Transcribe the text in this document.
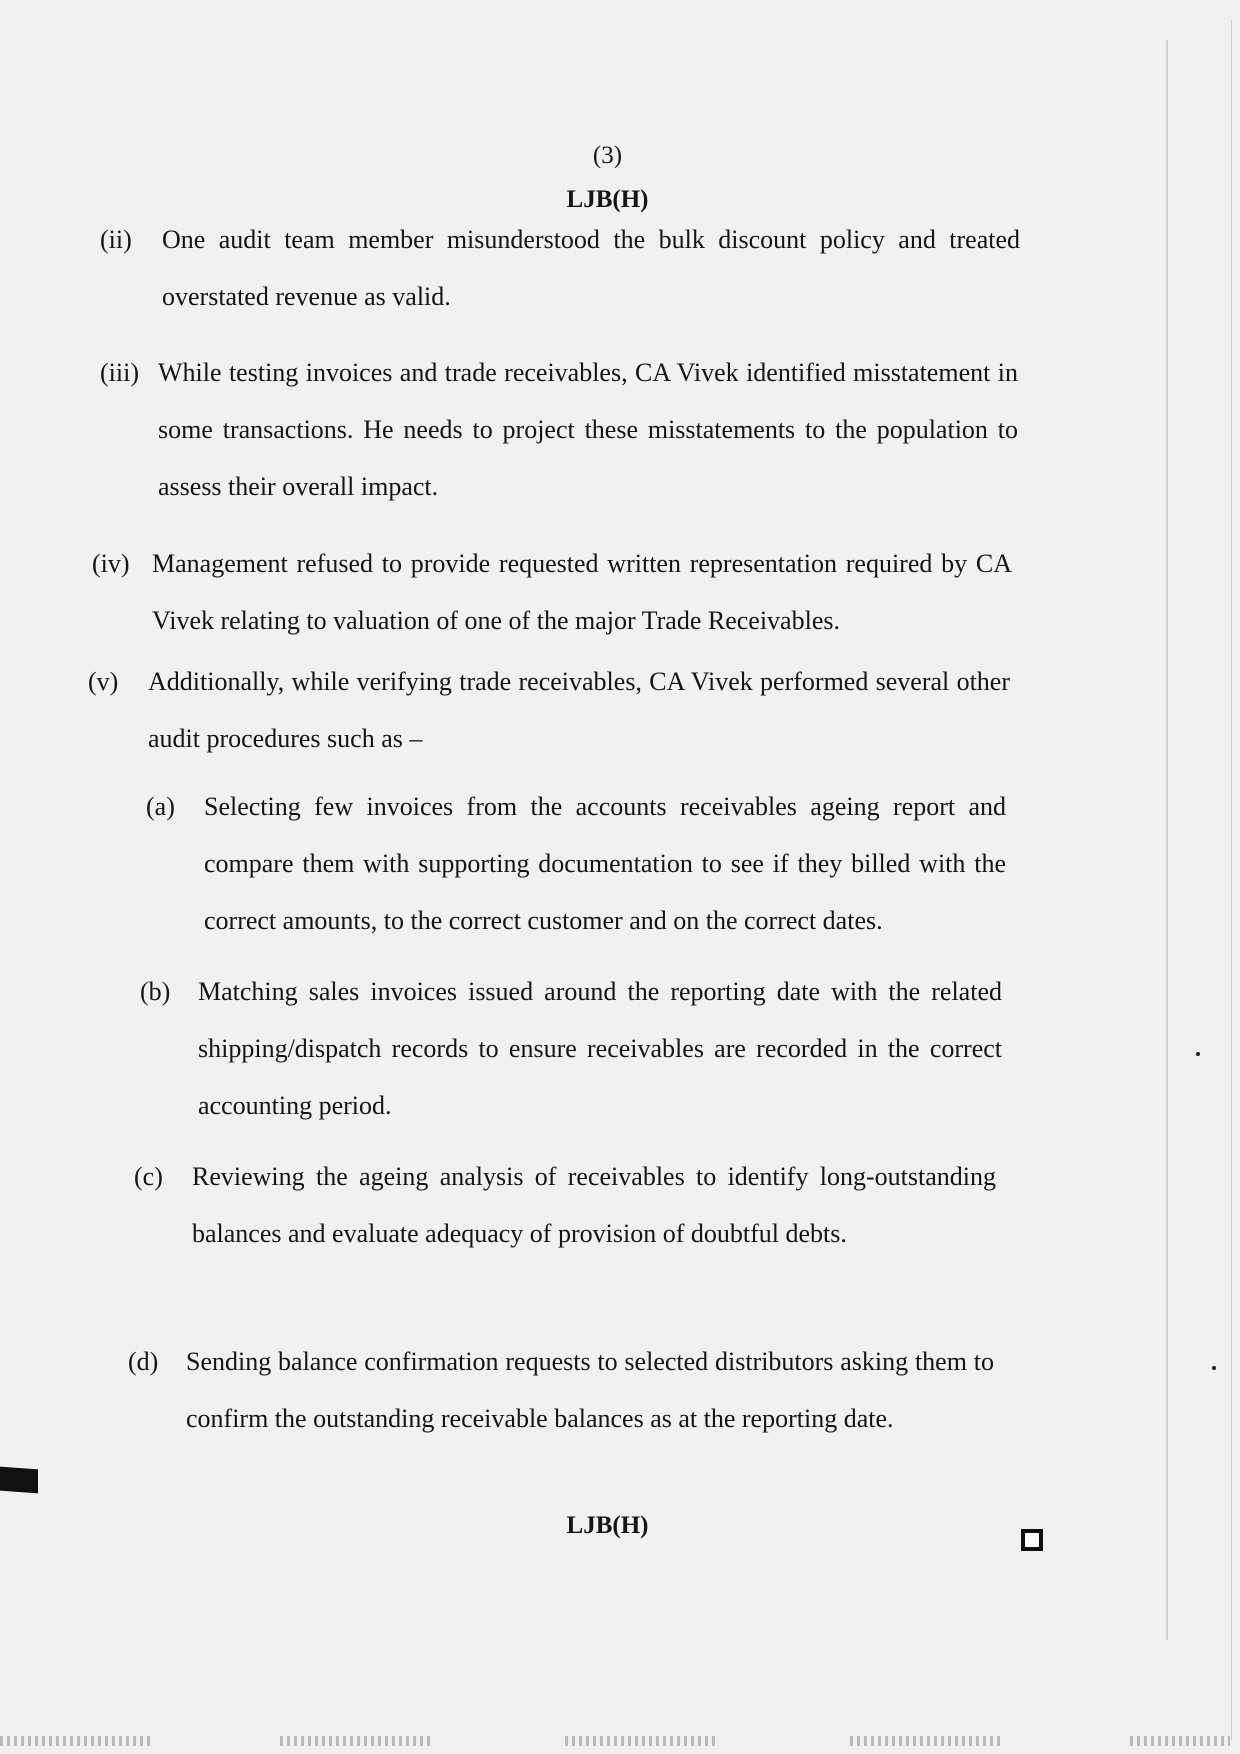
(3)
LJB(H)
(ii) One audit team member misunderstood the bulk discount policy and treated overstated revenue as valid.
(iii) While testing invoices and trade receivables, CA Vivek identified misstatement in some transactions. He needs to project these misstatements to the population to assess their overall impact.
(iv) Management refused to provide requested written representation required by CA Vivek relating to valuation of one of the major Trade Receivables.
(v) Additionally, while verifying trade receivables, CA Vivek performed several other audit procedures such as –
(a) Selecting few invoices from the accounts receivables ageing report and compare them with supporting documentation to see if they billed with the correct amounts, to the correct customer and on the correct dates.
(b) Matching sales invoices issued around the reporting date with the related shipping/dispatch records to ensure receivables are recorded in the correct accounting period.
(c) Reviewing the ageing analysis of receivables to identify long-outstanding balances and evaluate adequacy of provision of doubtful debts.
(d) Sending balance confirmation requests to selected distributors asking them to confirm the outstanding receivable balances as at the reporting date.
LJB(H)
